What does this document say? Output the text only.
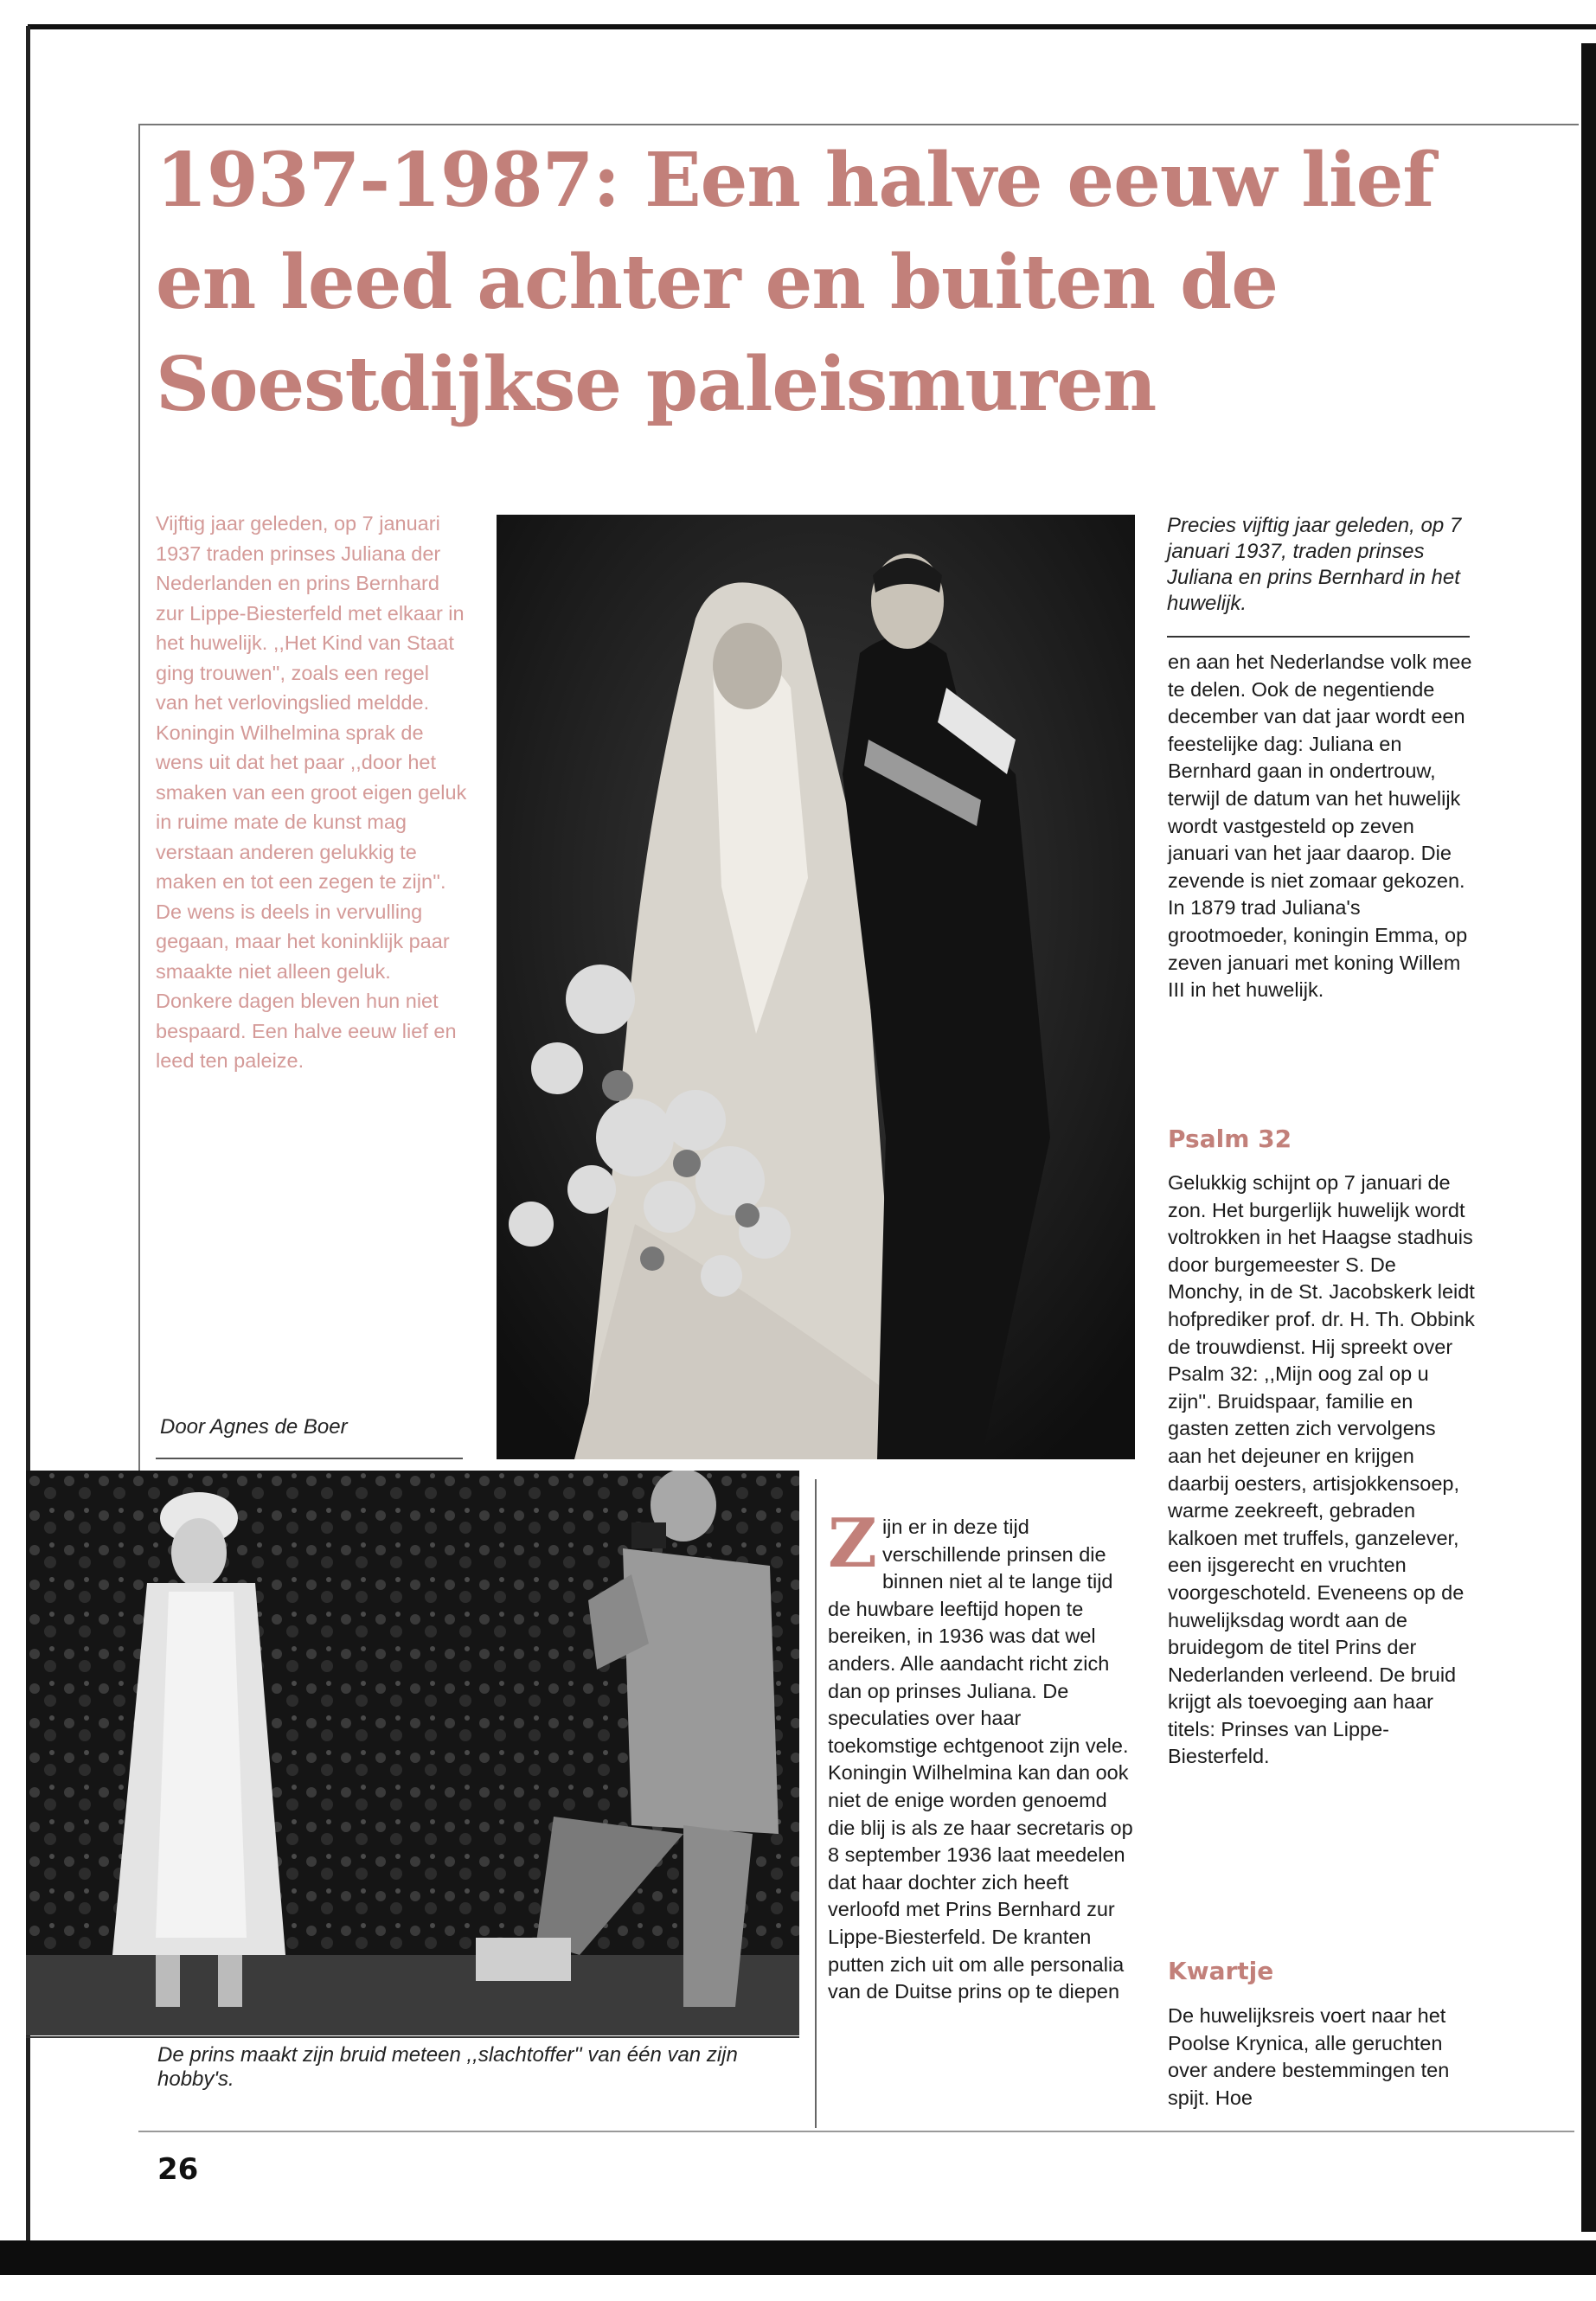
1937-1987: Een halve eeuw lief en leed achter en buiten de Soestdijkse paleismuren
Vijftig jaar geleden, op 7 januari 1937 traden prinses Juliana der Nederlanden en prins Bernhard zur Lippe-Biesterfeld met elkaar in het huwelijk. ,,Het Kind van Staat ging trouwen'', zoals een regel van het verlovingslied meldde. Koningin Wilhelmina sprak de wens uit dat het paar ,,door het smaken van een groot eigen geluk in ruime mate de kunst mag verstaan anderen gelukkig te maken en tot een zegen te zijn''. De wens is deels in vervulling gegaan, maar het koninklijk paar smaakte niet alleen geluk. Donkere dagen bleven hun niet bespaard. Een halve eeuw lief en leed ten paleize.
Door Agnes de Boer
Precies vijftig jaar geleden, op 7 januari 1937, traden prinses Juliana en prins Bernhard in het huwelijk.
en aan het Nederlandse volk mee te delen. Ook de negentiende december van dat jaar wordt een feestelijke dag: Juliana en Bernhard gaan in ondertrouw, terwijl de datum van het huwelijk wordt vastgesteld op zeven januari van het jaar daarop. Die zevende is niet zomaar gekozen. In 1879 trad Juliana's grootmoeder, koningin Emma, op zeven januari met koning Willem III in het huwelijk.
Psalm 32
Gelukkig schijnt op 7 januari de zon. Het burgerlijk huwelijk wordt voltrokken in het Haagse stadhuis door burgemeester S. De Monchy, in de St. Jacobskerk leidt hofprediker prof. dr. H. Th. Obbink de trouwdienst. Hij spreekt over Psalm 32: ,,Mijn oog zal op u zijn''. Bruidspaar, familie en gasten zetten zich vervolgens aan het dejeuner en krijgen daarbij oesters, artisjokkensoep, warme zeekreeft, gebraden kalkoen met truffels, ganzelever, een ijsgerecht en vruchten voorgeschoteld. Eveneens op de huwelijksdag wordt aan de bruidegom de titel Prins der Nederlanden verleend. De bruid krijgt als toevoeging aan haar titels: Prinses van Lippe-Biesterfeld.
Kwartje
De huwelijksreis voert naar het Poolse Krynica, alle geruchten over andere bestemmingen ten spijt. Hoe
De prins maakt zijn bruid meteen ,,slachtoffer'' van één van zijn hobby's.
Zijn er in deze tijd verschillende prinsen die binnen niet al te lange tijd de huwbare leeftijd hopen te bereiken, in 1936 was dat wel anders. Alle aandacht richt zich dan op prinses Juliana. De speculaties over haar toekomstige echtgenoot zijn vele. Koningin Wilhelmina kan dan ook niet de enige worden genoemd die blij is als ze haar secretaris op 8 september 1936 laat meedelen dat haar dochter zich heeft verloofd met Prins Bernhard zur Lippe-Biesterfeld. De kranten putten zich uit om alle personalia van de Duitse prins op te diepen
26
